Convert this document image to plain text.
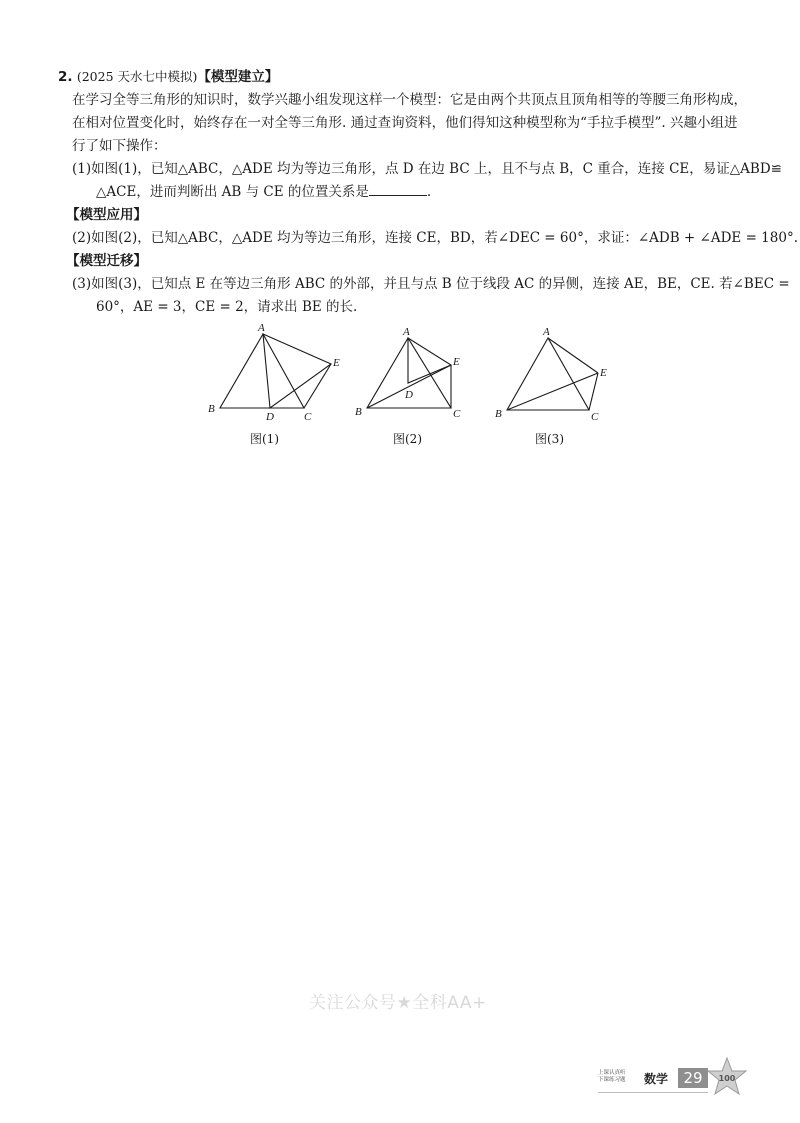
2. (2025 天水七中模拟)【模型建立】
在学习全等三角形的知识时，数学兴趣小组发现这样一个模型：它是由两个共顶点且顶角相等的等腰三角形构成，
在相对位置变化时，始终存在一对全等三角形. 通过查询资料，他们得知这种模型称为“手拉手模型”. 兴趣小组进
行了如下操作：
(1)如图(1)，已知△ABC，△ADE 均为等边三角形，点 D 在边 BC 上，且不与点 B，C 重合，连接 CE，易证△ABD≌
△ACE，进而判断出 AB 与 CE 的位置关系是	.
【模型应用】
(2)如图(2)，已知△ABC，△ADE 均为等边三角形，连接 CE，BD，若∠DEC = 60°，求证：∠ADB + ∠ADE = 180°.
【模型迁移】
(3)如图(3)，已知点 E 在等边三角形 ABC 的外部，并且与点 B 位于线段 AC 的异侧，连接 AE，BE，CE. 若∠BEC =
60°，AE = 3，CE = 2，请求出 BE 的长.
A
B
C
D
E
图(1)
A
B	C
D
E
图(2)
A
B	C
E
图(3)
关注公众号★全科AA+
上课认真听
下课练习题 数学	29	100
